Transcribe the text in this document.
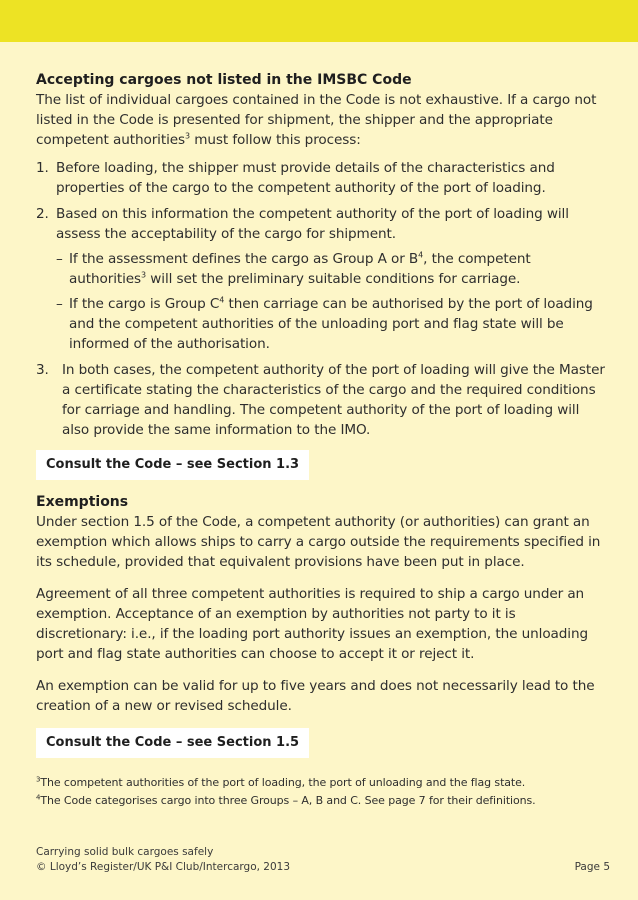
Accepting cargoes not listed in the IMSBC Code

The list of individual cargoes contained in the Code is not exhaustive. If a cargo not listed in the Code is presented for shipment, the shipper and the appropriate competent authorities$^3$ must follow this process:

1. Before loading, the shipper must provide details of the characteristics and properties of the cargo to the competent authority of the port of loading.
2. Based on this information the competent authority of the port of loading will assess the acceptability of the cargo for shipment.
– If the assessment defines the cargo as Group A or $B^4$, the competent authorities$^3$ will set the preliminary suitable conditions for carriage.
– If the cargo is Group $C^4$ then carriage can be authorised by the port of loading and the competent authorities of the unloading port and flag state will be informed of the authorisation.
3. In both cases, the competent authority of the port of loading will give the Master a certificate stating the characteristics of the cargo and the required conditions for carriage and handling. The competent authority of the port of loading will also provide the same information to the IMO.
Consult the Code – see Section 1.3

Exemptions

Under section 1.5 of the Code, a competent authority (or authorities) can grant an exemption which allows ships to carry a cargo outside the requirements specified in its schedule, provided that equivalent provisions have been put in place.

Agreement of all three competent authorities is required to ship a cargo under an exemption. Acceptance of an exemption by authorities not party to it is discretionary: i.e., if the loading port authority issues an exemption, the unloading port and flag state authorities can choose to accept it or reject it.

An exemption can be valid for up to five years and does not necessarily lead to the creation of a new or revised schedule.

Consult the Code – see Section 1.5

$^3$The competent authorities of the port of loading, the port of unloading and the flag state.

$^4$The Code categorises cargo into three Groups – A, B and C. See page 7 for their definitions.

Carrying solid bulk cargoes safely
© Lloyd’s Register/UK P&I Club/Intercargo, 2013	Page 5
